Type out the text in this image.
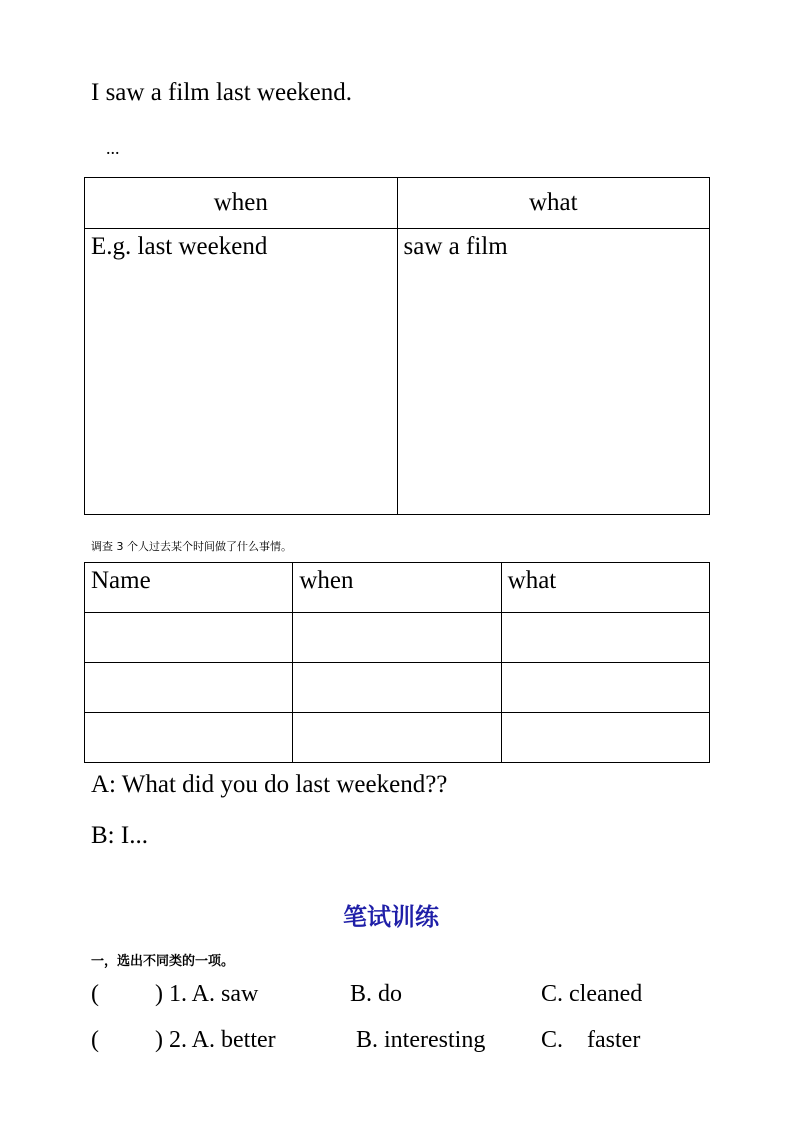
I saw a film last weekend.
...
when	what
E.g. last weekend	saw a film
调查 3 个人过去某个时间做了什么事情。
Name	when	what

A: What did you do last weekend??
B: I...
笔试训练
一，选出不同类的一项。
( ) 1. A. saw	B. do	C. cleaned
( ) 2. A. better	B. interesting C.    faster
